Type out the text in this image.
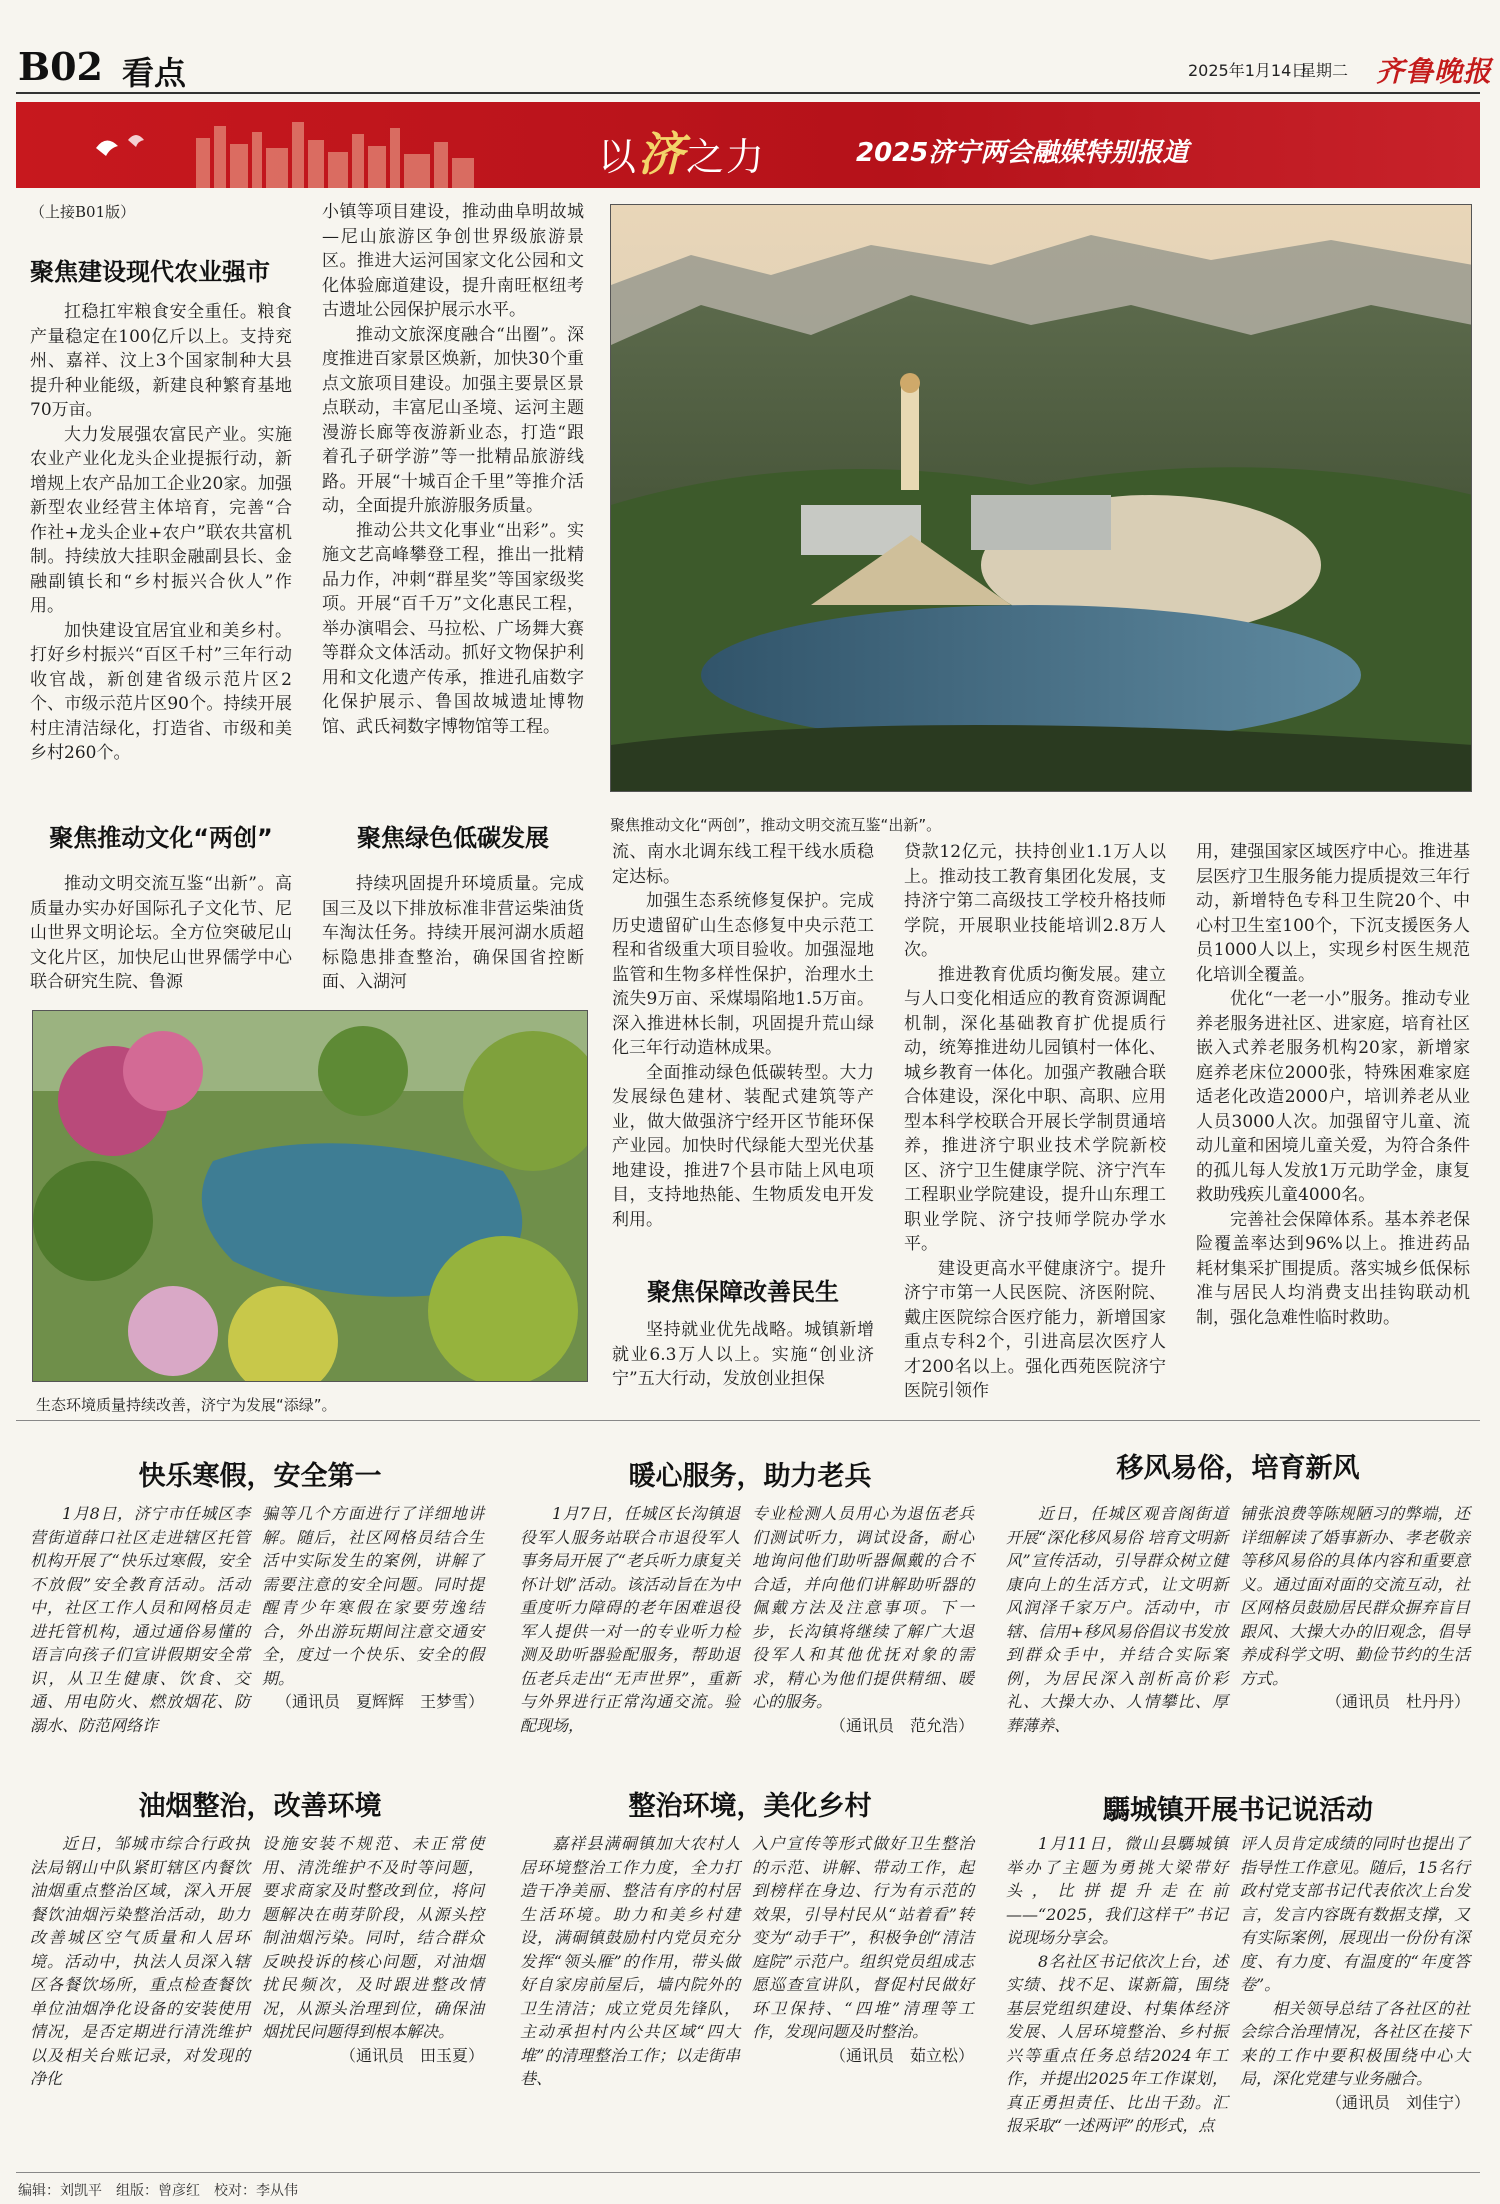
B02 看点	2025年1月14日
星期二 齐鲁晚报
以济之力	2025济宁两会融媒特别报道
（上接B01版）
聚焦建设现代农业强市

扛稳扛牢粮食安全重任。粮食产量稳定在100亿斤以上。支持兖州、嘉祥、汶上3个国家制种大县提升种业能级，新建良种繁育基地70万亩。

大力发展强农富民产业。实施农业产业化龙头企业提振行动，新增规上农产品加工企业20家。加强新型农业经营主体培育，完善“合作社+龙头企业+农户”联农共富机制。持续放大挂职金融副县长、金融副镇长和“乡村振兴合伙人”作用。

加快建设宜居宜业和美乡村。打好乡村振兴“百区千村”三年行动收官战，新创建省级示范片区2个、市级示范片区90个。持续开展村庄清洁绿化，打造省、市级和美乡村260个。

小镇等项目建设，推动曲阜明故城—尼山旅游区争创世界级旅游景区。推进大运河国家文化公园和文化体验廊道建设，提升南旺枢纽考古遗址公园保护展示水平。

推动文旅深度融合“出圈”。深度推进百家景区焕新，加快30个重点文旅项目建设。加强主要景区景点联动，丰富尼山圣境、运河主题漫游长廊等夜游新业态，打造“跟着孔子研学游”等一批精品旅游线路。开展“十城百企千里”等推介活动，全面提升旅游服务质量。

推动公共文化事业“出彩”。实施文艺高峰攀登工程，推出一批精品力作，冲刺“群星奖”等国家级奖项。开展“百千万”文化惠民工程，举办演唱会、马拉松、广场舞大赛等群众文体活动。抓好文物保护利用和文化遗产传承，推进孔庙数字化保护展示、鲁国故城遗址博物馆、武氏祠数字博物馆等工程。

聚焦推动文化“两创”，推动文明交流互鉴“出新”。
聚焦推动文化“两创”

推动文明交流互鉴“出新”。高质量办实办好国际孔子文化节、尼山世界文明论坛。全方位突破尼山文化片区，加快尼山世界儒学中心联合研究生院、鲁源

聚焦绿色低碳发展

持续巩固提升环境质量。完成国三及以下排放标准非营运柴油货车淘汰任务。持续开展河湖水质超标隐患排查整治，确保国省控断面、入湖河

生态环境质量持续改善，济宁为发展“添绿”。

流、南水北调东线工程干线水质稳定达标。

加强生态系统修复保护。完成历史遗留矿山生态修复中央示范工程和省级重大项目验收。加强湿地监管和生物多样性保护，治理水土流失9万亩、采煤塌陷地1.5万亩。深入推进林长制，巩固提升荒山绿化三年行动造林成果。

全面推动绿色低碳转型。大力发展绿色建材、装配式建筑等产业，做大做强济宁经开区节能环保产业园。加快时代绿能大型光伏基地建设，推进7个县市陆上风电项目，支持地热能、生物质发电开发利用。

聚焦保障改善民生

坚持就业优先战略。城镇新增就业6.3万人以上。实施“创业济宁”五大行动，发放创业担保

贷款12亿元，扶持创业1.1万人以上。推动技工教育集团化发展，支持济宁第二高级技工学校升格技师学院，开展职业技能培训2.8万人次。

推进教育优质均衡发展。建立与人口变化相适应的教育资源调配机制，深化基础教育扩优提质行动，统筹推进幼儿园镇村一体化、城乡教育一体化。加强产教融合联合体建设，深化中职、高职、应用型本科学校联合开展长学制贯通培养，推进济宁职业技术学院新校区、济宁卫生健康学院、济宁汽车工程职业学院建设，提升山东理工职业学院、济宁技师学院办学水平。

建设更高水平健康济宁。提升济宁市第一人民医院、济医附院、戴庄医院综合医疗能力，新增国家重点专科2个，引进高层次医疗人才200名以上。强化西苑医院济宁医院引领作

用，建强国家区域医疗中心。推进基层医疗卫生服务能力提质提效三年行动，新增特色专科卫生院20个、中心村卫生室100个，下沉支援医务人员1000人以上，实现乡村医生规范化培训全覆盖。

优化“一老一小”服务。推动专业养老服务进社区、进家庭，培育社区嵌入式养老服务机构20家，新增家庭养老床位2000张，特殊困难家庭适老化改造2000户，培训养老从业人员3000人次。加强留守儿童、流动儿童和困境儿童关爱，为符合条件的孤儿每人发放1万元助学金，康复救助残疾儿童4000名。

完善社会保障体系。基本养老保险覆盖率达到96%以上。推进药品耗材集采扩围提质。落实城乡低保标准与居民人均消费支出挂钩联动机制，强化急难性临时救助。

快乐寒假，安全第一

1月8日，济宁市任城区李营街道薛口社区走进辖区托管机构开展了“快乐过寒假，安全不放假”安全教育活动。活动中，社区工作人员和网格员走进托管机构，通过通俗易懂的语言向孩子们宣讲假期安全常识，从卫生健康、饮食、交通、用电防火、燃放烟花、防溺水、防范网络诈

骗等几个方面进行了详细地讲解。随后，社区网格员结合生活中实际发生的案例，讲解了需要注意的安全问题。同时提醒青少年寒假在家要劳逸结合，外出游玩期间注意交通安全，度过一个快乐、安全的假期。

（通讯员　夏辉辉　王梦雪）

暖心服务，助力老兵

1月7日，任城区长沟镇退役军人服务站联合市退役军人事务局开展了“老兵听力康复关怀计划”活动。该活动旨在为中重度听力障碍的老年困难退役军人提供一对一的专业听力检测及助听器验配服务，帮助退伍老兵走出“无声世界”，重新与外界进行正常沟通交流。验配现场，

专业检测人员用心为退伍老兵们测试听力，调试设备，耐心地询问他们助听器佩戴的合不合适，并向他们讲解助听器的佩戴方法及注意事项。下一步，长沟镇将继续了解广大退役军人和其他优抚对象的需求，精心为他们提供精细、暖心的服务。

（通讯员　范允浩）

移风易俗，培育新风

近日，任城区观音阁街道开展“深化移风易俗 培育文明新风”宣传活动，引导群众树立健康向上的生活方式，让文明新风润泽千家万户。活动中，市辖、信用+移风易俗倡议书发放到群众手中，并结合实际案例，为居民深入剖析高价彩礼、大操大办、人情攀比、厚葬薄养、

铺张浪费等陈规陋习的弊端，还详细解读了婚事新办、孝老敬亲等移风易俗的具体内容和重要意义。通过面对面的交流互动，社区网格员鼓励居民群众摒弃盲目跟风、大操大办的旧观念，倡导养成科学文明、勤俭节约的生活方式。

（通讯员　杜丹丹）

油烟整治，改善环境

近日，邹城市综合行政执法局钢山中队紧盯辖区内餐饮油烟重点整治区域，深入开展餐饮油烟污染整治活动，助力改善城区空气质量和人居环境。活动中，执法人员深入辖区各餐饮场所，重点检查餐饮单位油烟净化设备的安装使用情况，是否定期进行清洗维护以及相关台账记录，对发现的净化

设施安装不规范、未正常使用、清洗维护不及时等问题，要求商家及时整改到位，将问题解决在萌芽阶段，从源头控制油烟污染。同时，结合群众反映投诉的核心问题，对油烟扰民频次，及时跟进整改情况，从源头治理到位，确保油烟扰民问题得到根本解决。

（通讯员　田玉夏）

整治环境，美化乡村

嘉祥县满硐镇加大农村人居环境整治工作力度，全力打造干净美丽、整洁有序的村居生活环境。助力和美乡村建设，满硐镇鼓励村内党员充分发挥“领头雁”的作用，带头做好自家房前屋后，墙内院外的卫生清洁；成立党员先锋队，主动承担村内公共区域“四大堆”的清理整治工作；以走街串巷、

入户宣传等形式做好卫生整治的示范、讲解、带动工作，起到榜样在身边、行为有示范的效果，引导村民从“站着看”转变为“动手干”，积极争创“清洁庭院”示范户。组织党员组成志愿巡查宣讲队，督促村民做好环卫保持、“四堆”清理等工作，发现问题及时整治。

（通讯员　茹立松）

騳城镇开展书记说活动

1月11日，微山县騳城镇举办了主题为勇挑大梁带好头，比拼提升走在前——“2025，我们这样干”书记说现场分享会。

8名社区书记依次上台，述实绩、找不足、谋新篇，围绕基层党组织建设、村集体经济发展、人居环境整治、乡村振兴等重点任务总结2024年工作，并提出2025年工作谋划，真正勇担责任、比出干劲。汇报采取“一述两评”的形式，点

评人员肯定成绩的同时也提出了指导性工作意见。随后，15名行政村党支部书记代表依次上台发言，发言内容既有数据支撑，又有实际案例，展现出一份份有深度、有力度、有温度的“年度答卷”。

相关领导总结了各社区的社会综合治理情况，各社区在接下来的工作中要积极围绕中心大局，深化党建与业务融合。

（通讯员　刘佳宁）

编辑：刘凯平　组版：曾彦红　校对：李从伟
